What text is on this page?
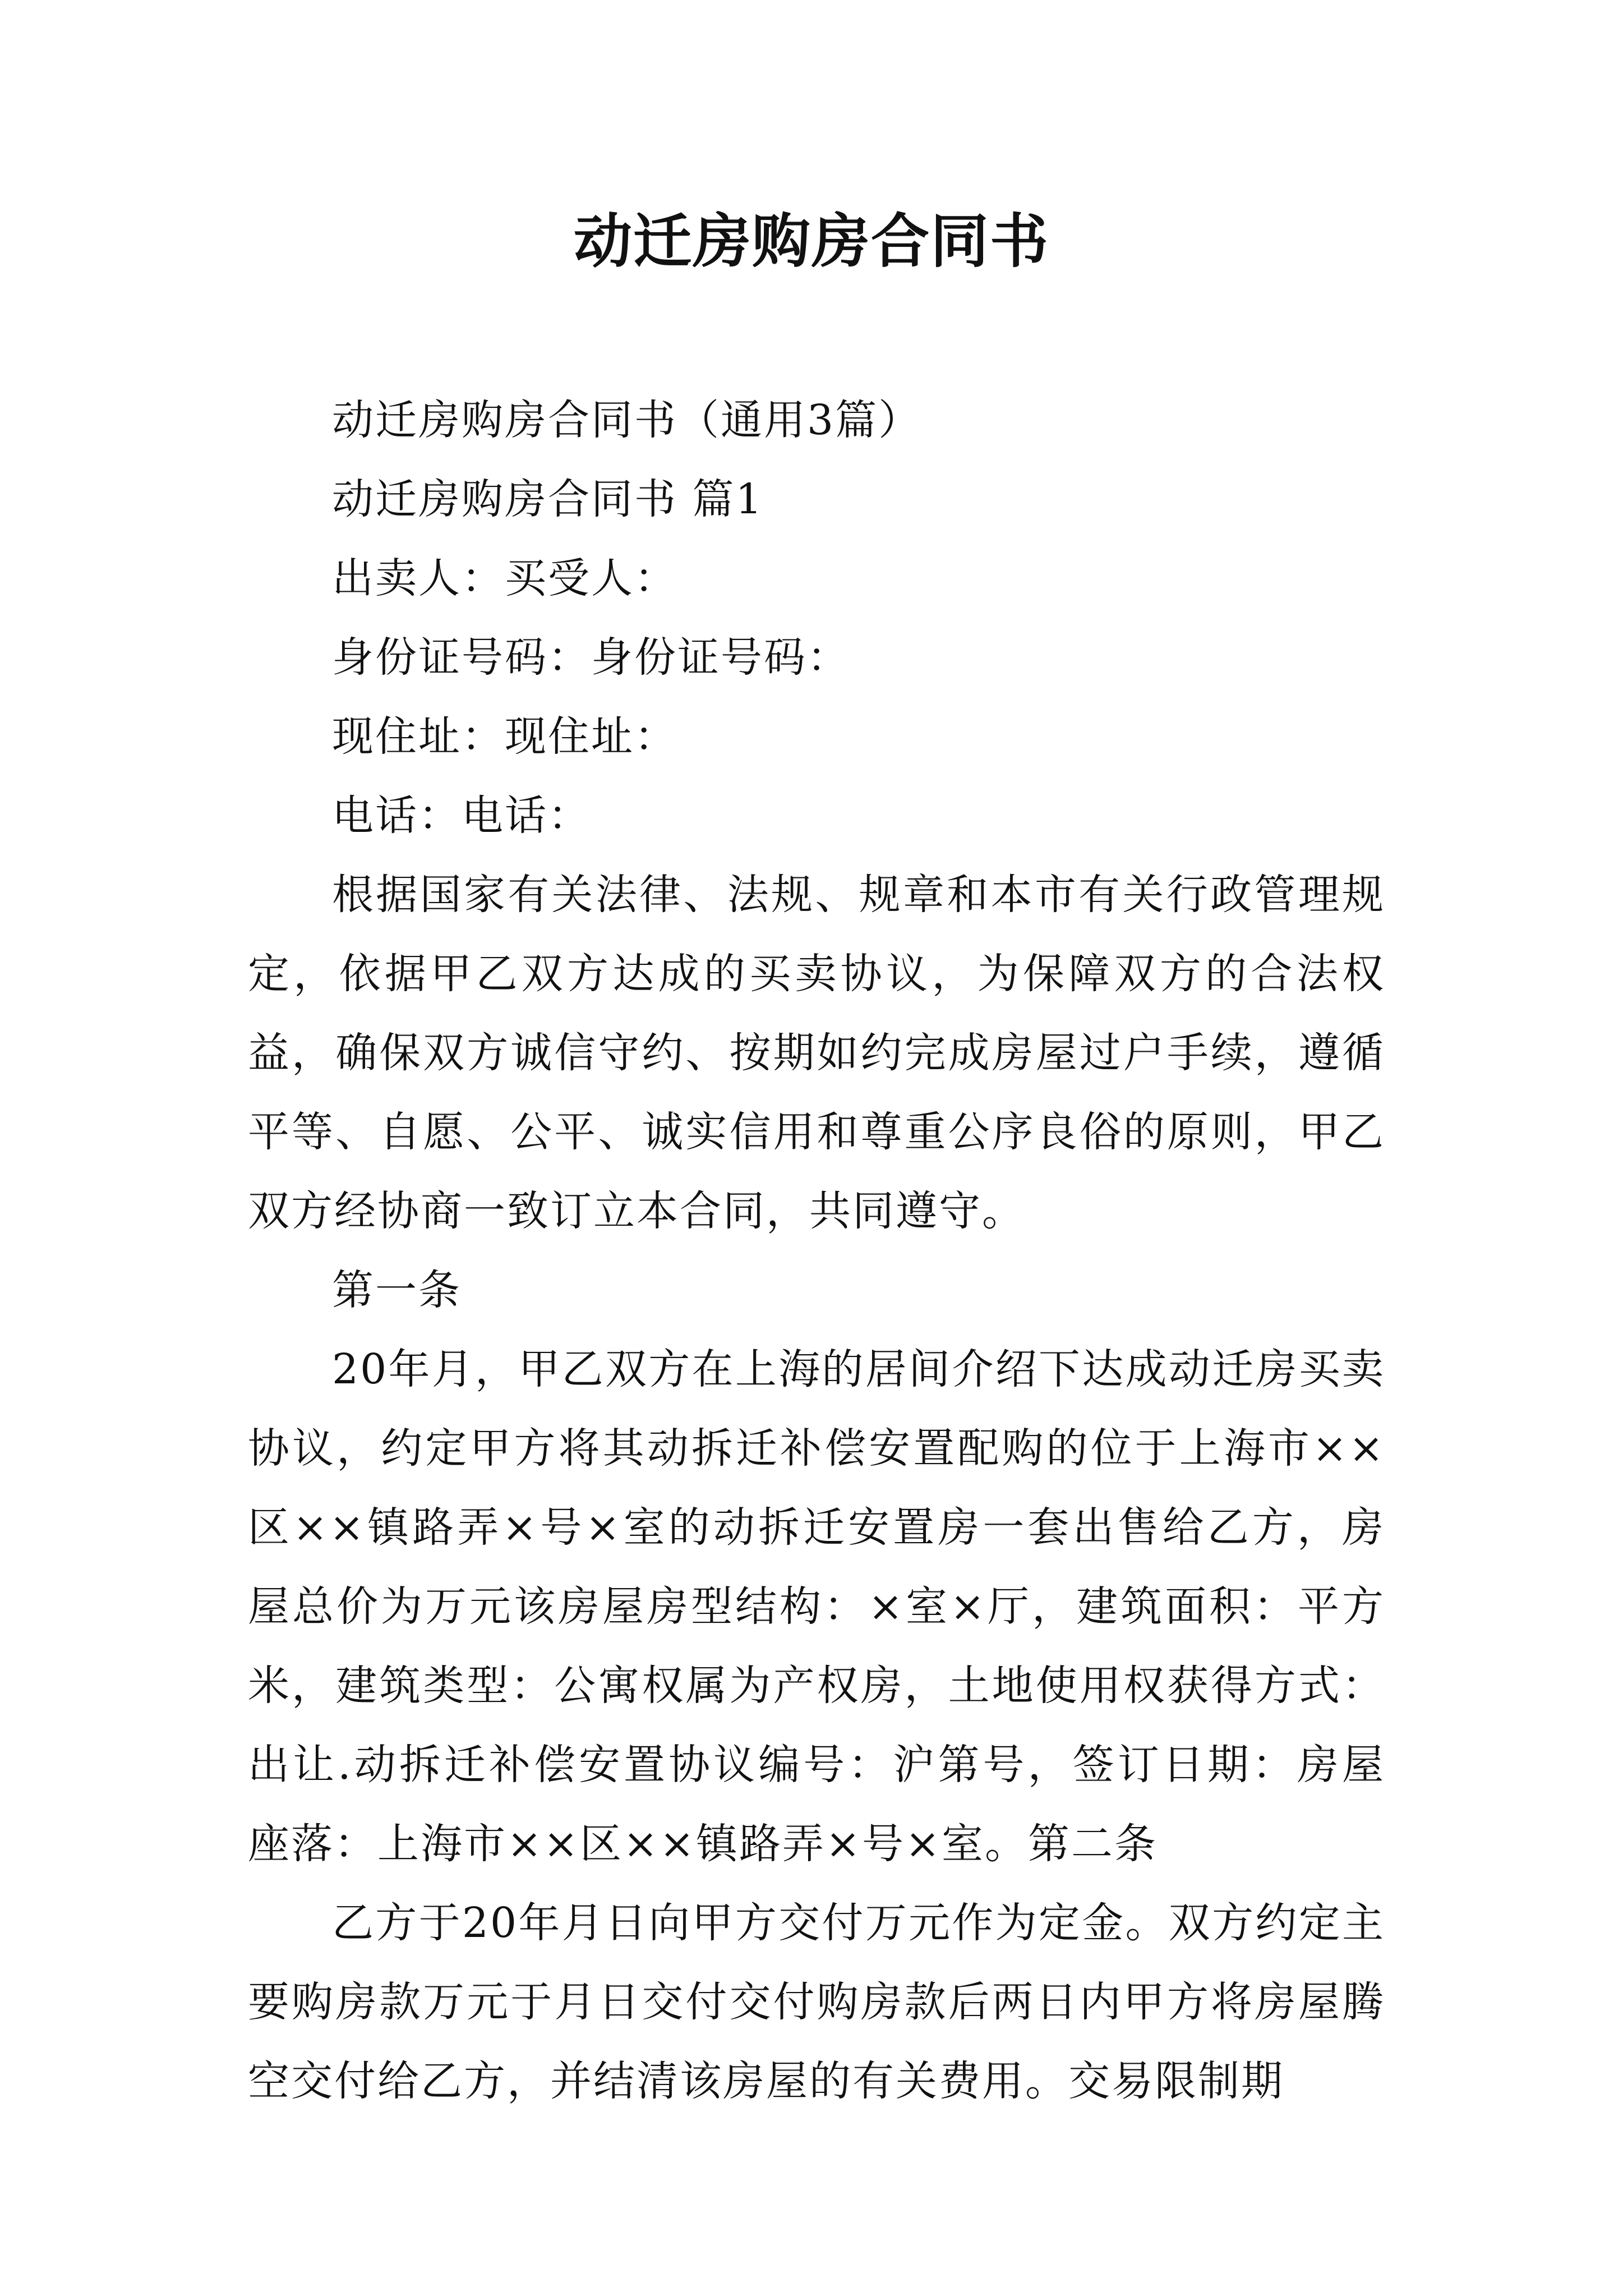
动迁房购房合同书

动迁房购房合同书（通用3篇）

动迁房购房合同书 篇1

出卖人：买受人：

身份证号码：身份证号码：

现住址：现住址：

电话：电话：

根据国家有关法律、法规、规章和本市有关行政管理规定，依据甲乙双方达成的买卖协议，为保障双方的合法权益，确保双方诚信守约、按期如约完成房屋过户手续，遵循平等、自愿、公平、诚实信用和尊重公序良俗的原则，甲乙双方经协商一致订立本合同，共同遵守。

第一条

20年月，甲乙双方在上海的居间介绍下达成动迁房买卖协议，约定甲方将其动拆迁补偿安置配购的位于上海市××区××镇路弄×号×室的动拆迁安置房一套出售给乙方，房屋总价为万元该房屋房型结构：×室×厅，建筑面积：平方米，建筑类型：公寓权属为产权房，土地使用权获得方式：出让.动拆迁补偿安置协议编号：沪第号，签订日期：房屋座落：上海市××区××镇路弄×号×室。第二条

乙方于20年月日向甲方交付万元作为定金。双方约定主要购房款万元于月日交付交付购房款后两日内甲方将房屋腾空交付给乙方，并结清该房屋的有关费用。交易限制期
